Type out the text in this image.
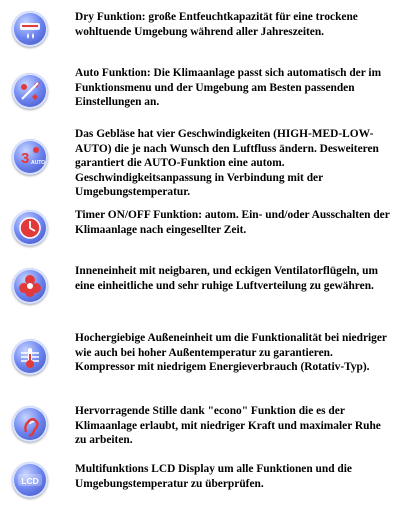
Dry Funktion: große Entfeuchtkapazität für eine trockene wohltuende Umgebung während aller Jahreszeiten.
Auto Funktion: Die Klimaanlage passt sich automatisch der im Funktionsmenu und der Umgebung am Besten passenden Einstellungen an.
3 AUTO
Das Gebläse hat vier Geschwindigkeiten (HIGH-MED-LOW-AUTO) die je nach Wunsch den Luftfluss ändern. Desweiteren garantiert die AUTO-Funktion eine autom. Geschwindigkeitsanpassung in Verbindung mit der Umgebungstemperatur.
Timer ON/OFF Funktion: autom. Ein- und/oder Ausschalten der Klimaanlage nach eingesellter Zeit.
Inneneinheit mit neigbaren, und eckigen Ventilatorflügeln, um eine einheitliche und sehr ruhige Luftverteilung zu gewähren.
Hochergiebige Außeneinheit um die Funktionalität bei niedriger wie auch bei hoher Außentemperatur zu garantieren. Kompressor mit niedrigem Energieverbrauch (Rotativ-Typ).
Hervorragende Stille dank "econo" Funktion die es der Klimaanlage erlaubt, mit niedriger Kraft und maximaler Ruhe zu arbeiten.
LCD
Multifunktions LCD Display um alle Funktionen und die Umgebungstemperatur zu überprüfen.
